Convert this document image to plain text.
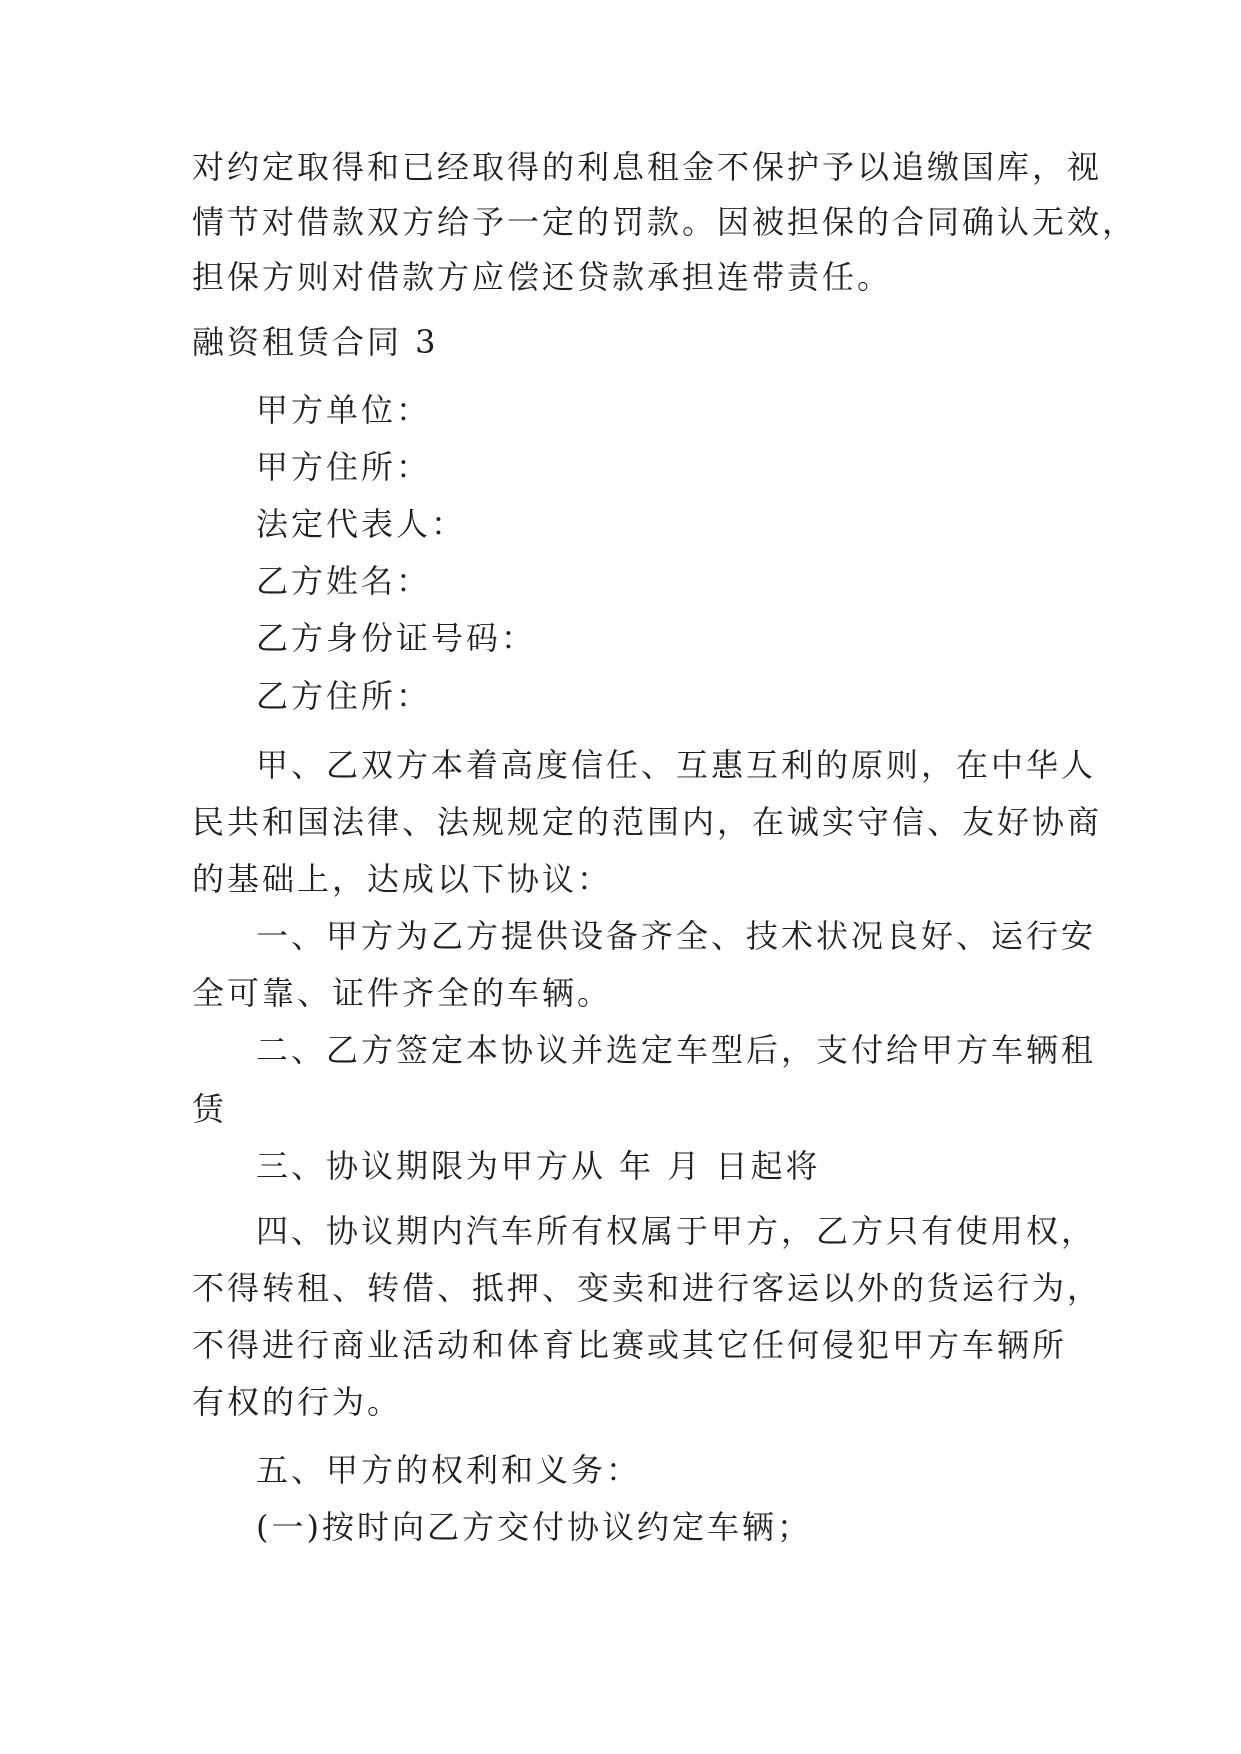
对约定取得和已经取得的利息租金不保护予以追缴国库，视
情节对借款双方给予一定的罚款。因被担保的合同确认无效，
担保方则对借款方应偿还贷款承担连带责任。
融资租赁合同 3
甲方单位：
甲方住所：
法定代表人：
乙方姓名：
乙方身份证号码：
乙方住所：
甲、乙双方本着高度信任、互惠互利的原则，在中华人
民共和国法律、法规规定的范围内，在诚实守信、友好协商
的基础上，达成以下协议：
一、甲方为乙方提供设备齐全、技术状况良好、运行安
全可靠、证件齐全的车辆。
二、乙方签定本协议并选定车型后，支付给甲方车辆租
赁
三、协议期限为甲方从 年 月 日起将
四、协议期内汽车所有权属于甲方，乙方只有使用权，
不得转租、转借、抵押、变卖和进行客运以外的货运行为，
不得进行商业活动和体育比赛或其它任何侵犯甲方车辆所
有权的行为。
五、甲方的权利和义务：
(一)按时向乙方交付协议约定车辆；
